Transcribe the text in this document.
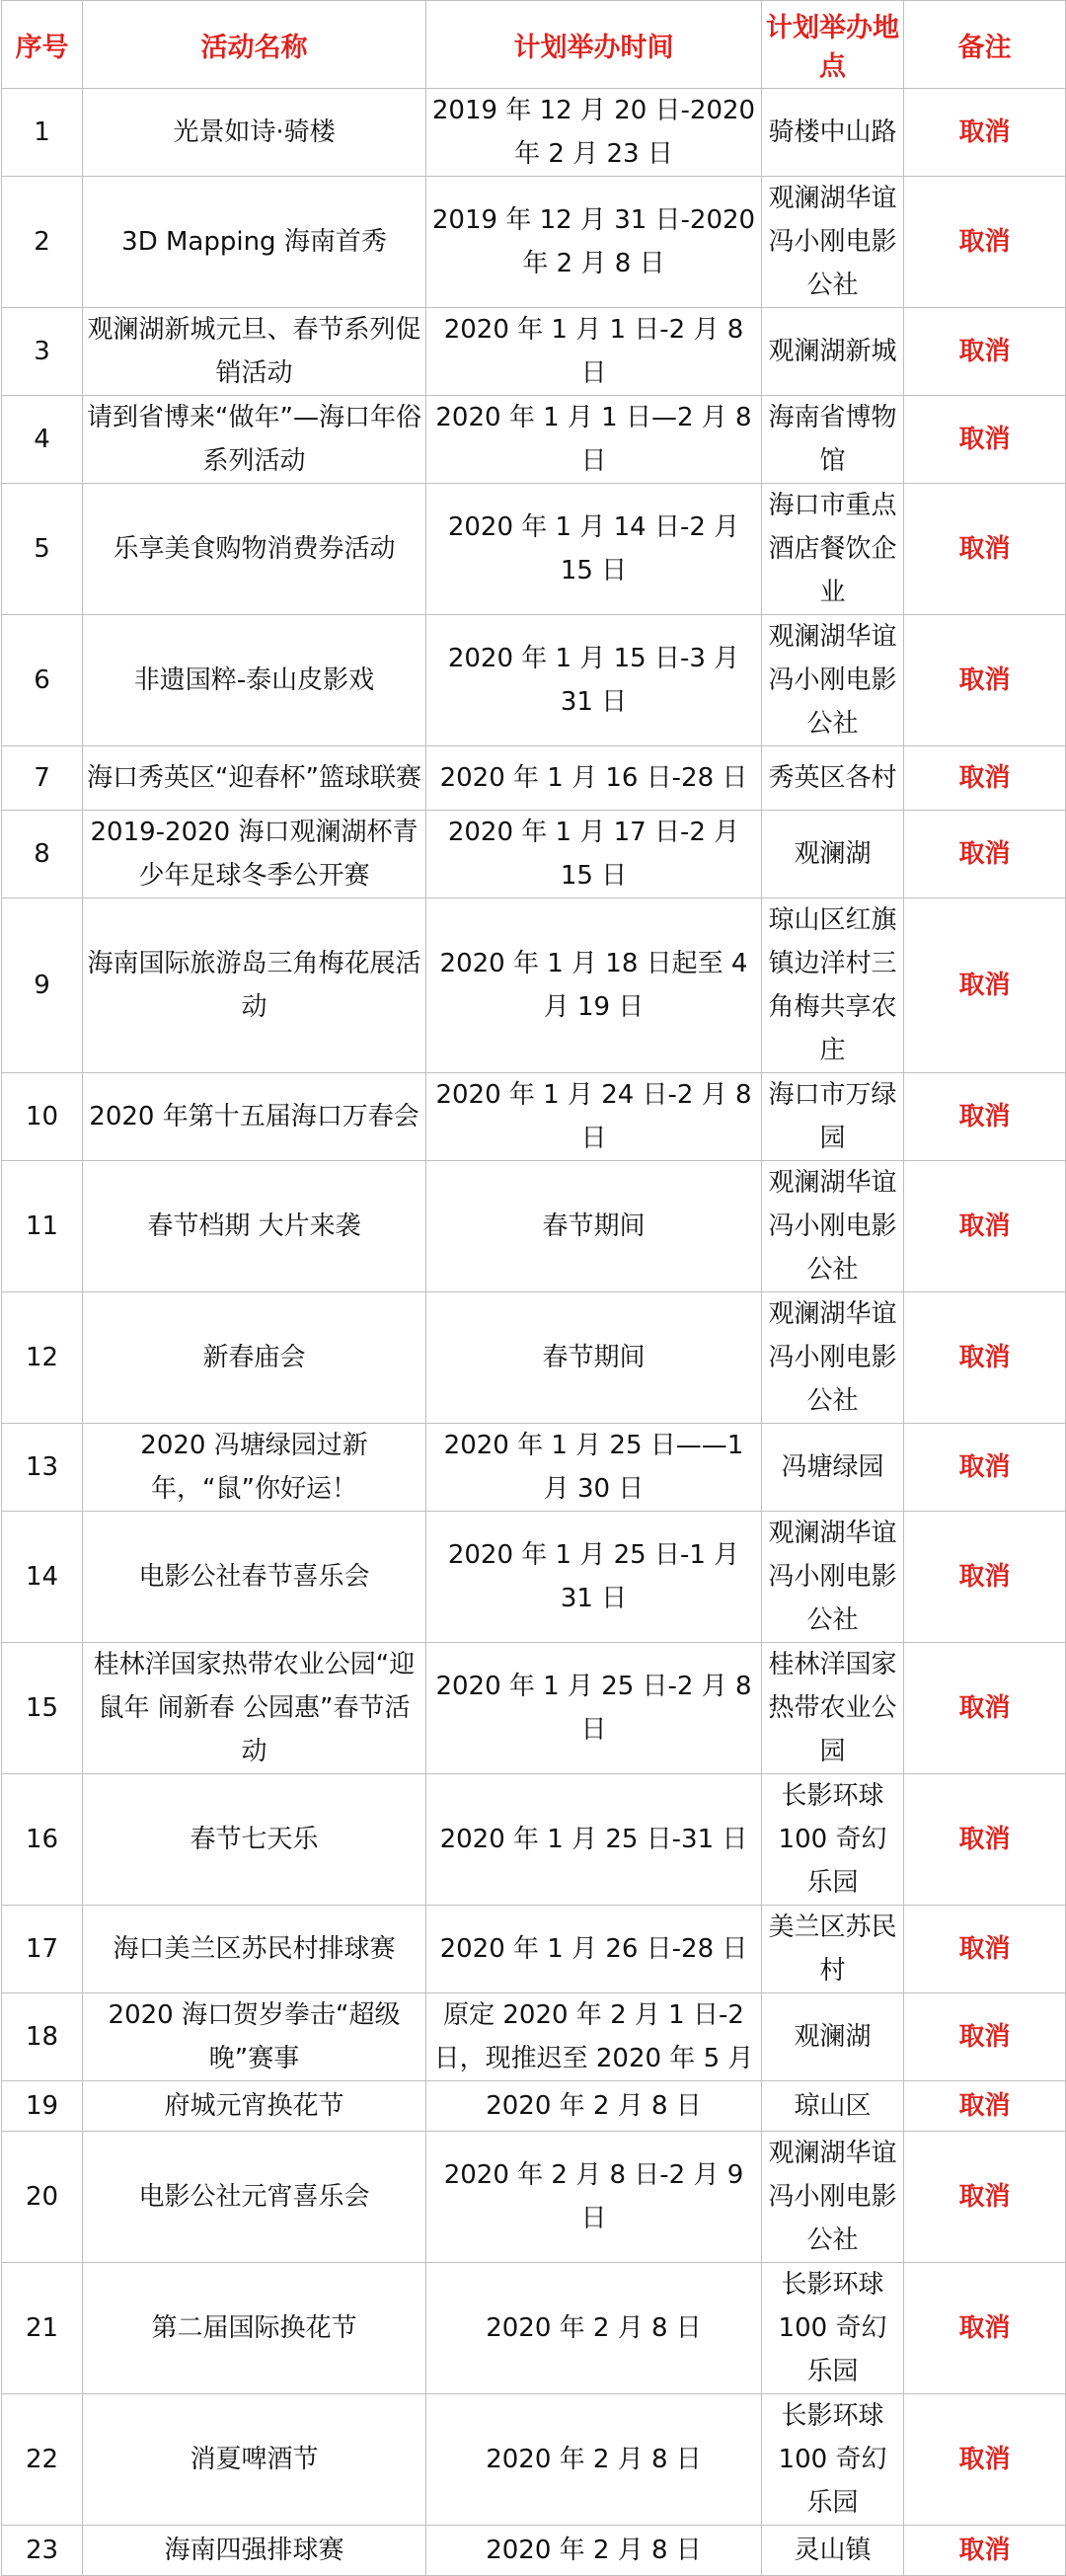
序号	活动名称	计划举办时间	计划举办地点	备注
1	光景如诗·骑楼	2019 年 12 月 20 日-2020 年 2 月 23 日	骑楼中山路	取消
2	3D Mapping 海南首秀	2019 年 12 月 31 日-2020 年 2 月 8 日	观澜湖华谊冯小刚电影公社	取消
3	观澜湖新城元旦、春节系列促销活动	2020 年 1 月 1 日-2 月 8 日	观澜湖新城	取消
4	请到省博来“做年”—海口年俗系列活动	2020 年 1 月 1 日—2 月 8 日	海南省博物馆	取消
5	乐享美食购物消费券活动	2020 年 1 月 14 日-2 月 15 日	海口市重点酒店餐饮企业	取消
6	非遗国粹-泰山皮影戏	2020 年 1 月 15 日-3 月 31 日	观澜湖华谊冯小刚电影公社	取消
7	海口秀英区“迎春杯”篮球联赛	2020 年 1 月 16 日-28 日	秀英区各村	取消
8	2019-2020 海口观澜湖杯青少年足球冬季公开赛	2020 年 1 月 17 日-2 月 15 日	观澜湖	取消
9	海南国际旅游岛三角梅花展活动	2020 年 1 月 18 日起至 4 月 19 日	琼山区红旗镇边洋村三角梅共享农庄	取消
10	2020 年第十五届海口万春会	2020 年 1 月 24 日-2 月 8 日	海口市万绿园	取消
11	春节档期 大片来袭	春节期间	观澜湖华谊冯小刚电影公社	取消
12	新春庙会	春节期间	观澜湖华谊冯小刚电影公社	取消
13	2020 冯塘绿园过新年，“鼠”你好运！	2020 年 1 月 25 日——1 月 30 日	冯塘绿园	取消
14	电影公社春节喜乐会	2020 年 1 月 25 日-1 月 31 日	观澜湖华谊冯小刚电影公社	取消
15	桂林洋国家热带农业公园“迎鼠年 闹新春 公园惠”春节活动	2020 年 1 月 25 日-2 月 8 日	桂林洋国家热带农业公园	取消
16	春节七天乐	2020 年 1 月 25 日-31 日	长影环球 100 奇幻乐园	取消
17	海口美兰区苏民村排球赛	2020 年 1 月 26 日-28 日	美兰区苏民村	取消
18	2020 海口贺岁拳击“超级晚”赛事	原定 2020 年 2 月 1 日-2 日，现推迟至 2020 年 5 月	观澜湖	取消
19	府城元宵换花节	2020 年 2 月 8 日	琼山区	取消
20	电影公社元宵喜乐会	2020 年 2 月 8 日-2 月 9 日	观澜湖华谊冯小刚电影公社	取消
21	第二届国际换花节	2020 年 2 月 8 日	长影环球 100 奇幻乐园	取消
22	消夏啤酒节	2020 年 2 月 8 日	长影环球 100 奇幻乐园	取消
23	海南四强排球赛	2020 年 2 月 8 日	灵山镇	取消
